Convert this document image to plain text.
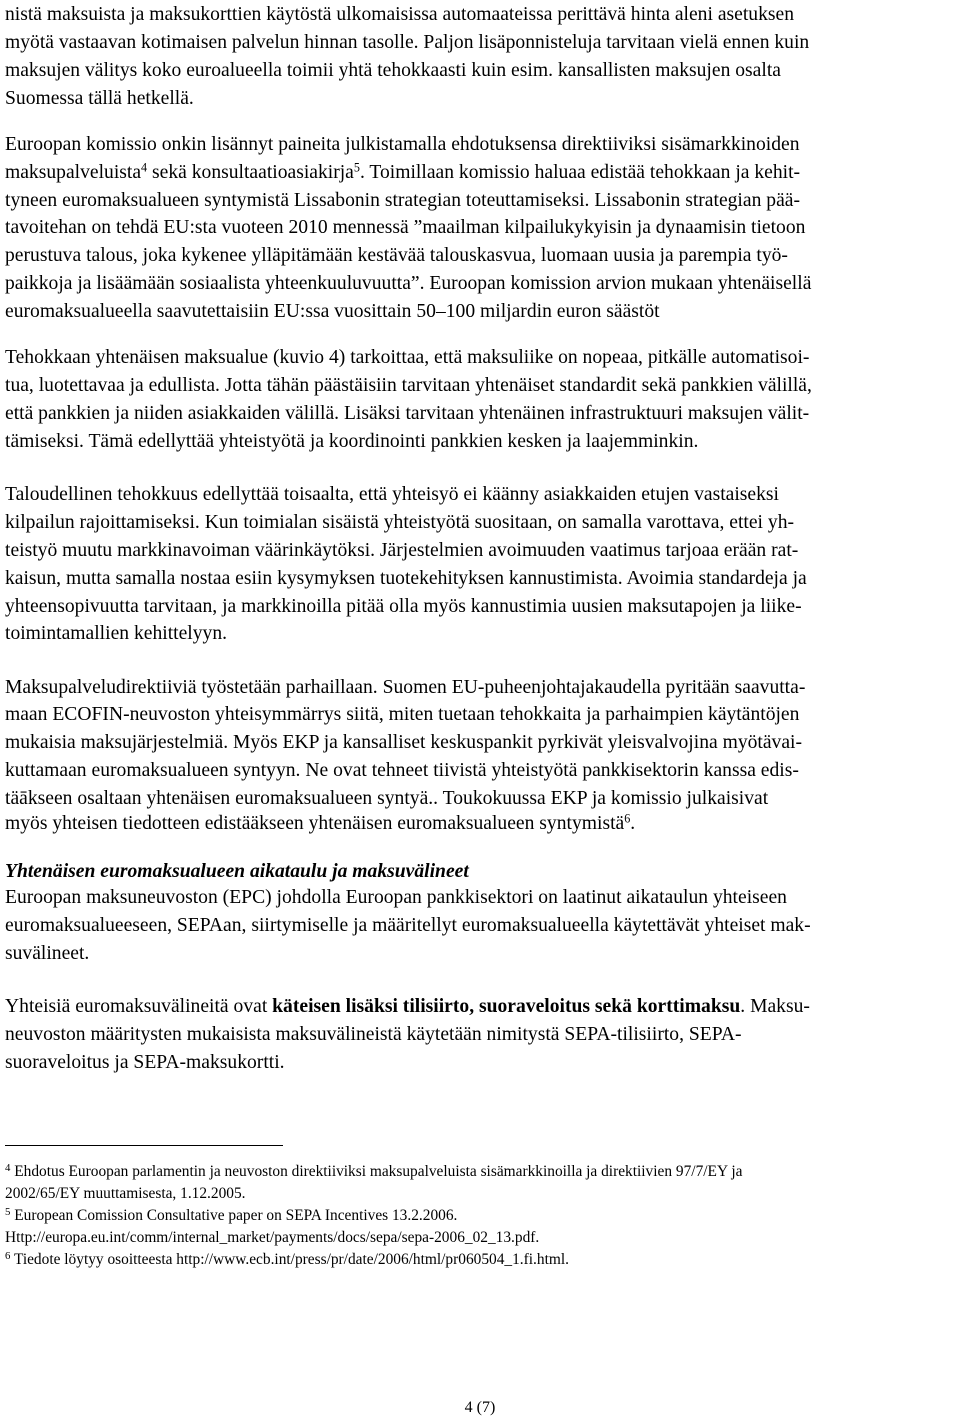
nistä maksuista ja maksukorttien käytöstä ulkomaisissa automaateissa perittävä hinta aleni asetuksen
myötä vastaavan kotimaisen palvelun hinnan tasolle. Paljon lisäponnisteluja tarvitaan vielä ennen kuin
maksujen välitys koko euroalueella toimii yhtä tehokkaasti kuin esim. kansallisten maksujen osalta
Suomessa tällä hetkellä.
Euroopan komissio onkin lisännyt paineita julkistamalla ehdotuksensa direktiiviksi sisämarkkinoiden
maksupalveluista$^4$ sekä konsultaatioasiakirja$^5$. Toimillaan komissio haluaa edistää tehokkaan ja kehit-
tyneen euromaksualueen syntymistä Lissabonin strategian toteuttamiseksi. Lissabonin strategian pää-
tavoitehan on tehdä EU:sta vuoteen 2010 mennessä ”maailman kilpailukykyisin ja dynaamisin tietoon
perustuva talous, joka kykenee ylläpitämään kestävää talouskasvua, luomaan uusia ja parempia työ-
paikkoja ja lisäämään sosiaalista yhteenkuuluvuutta”. Euroopan komission arvion mukaan yhtenäisellä
euromaksualueella saavutettaisiin EU:ssa vuosittain 50–100 miljardin euron säästöt
Tehokkaan yhtenäisen maksualue (kuvio 4) tarkoittaa, että maksuliike on nopeaa, pitkälle automatisoi-
tua, luotettavaa ja edullista. Jotta tähän päästäisiin tarvitaan yhtenäiset standardit sekä pankkien välillä,
että pankkien ja niiden asiakkaiden välillä. Lisäksi tarvitaan yhtenäinen infrastruktuuri maksujen välit-
tämiseksi. Tämä edellyttää yhteistyötä ja koordinointi pankkien kesken ja laajemminkin.
Taloudellinen tehokkuus edellyttää toisaalta, että yhteisyö ei käänny asiakkaiden etujen vastaiseksi
kilpailun rajoittamiseksi. Kun toimialan sisäistä yhteistyötä suositaan, on samalla varottava, ettei yh-
teistyö muutu markkinavoiman väärinkäytöksi. Järjestelmien avoimuuden vaatimus tarjoaa erään rat-
kaisun, mutta samalla nostaa esiin kysymyksen tuotekehityksen kannustimista. Avoimia standardeja ja
yhteensopivuutta tarvitaan, ja markkinoilla pitää olla myös kannustimia uusien maksutapojen ja liike-
toimintamallien kehittelyyn.
Maksupalveludirektiiviä työstetään parhaillaan. Suomen EU-puheenjohtajakaudella pyritään saavutta-
maan ECOFIN-neuvoston yhteisymmärrys siitä, miten tuetaan tehokkaita ja parhaimpien käytäntöjen
mukaisia maksujärjestelmiä. Myös EKP ja kansalliset keskuspankit pyrkivät yleisvalvojina myötävai-
kuttamaan euromaksualueen syntyyn. Ne ovat tehneet tiivistä yhteistyötä pankkisektorin kanssa edis-
täākseen osaltaan yhtenäisen euromaksualueen syntyä.. Toukokuussa EKP ja komissio julkaisivat
myös yhteisen tiedotteen edistääkseen yhtenäisen euromaksualueen syntymistä$^6$.
Yhtenäisen euromaksualueen aikataulu ja maksuvälineet
Euroopan maksuneuvoston (EPC) johdolla Euroopan pankkisektori on laatinut aikataulun yhteiseen
euromaksualueeseen, SEPAan, siirtymiselle ja määritellyt euromaksualueella käytettävät yhteiset mak-
suvälineet.
Yhteisiä euromaksuvälineitä ovat käteisen lisäksi tilisiirto, suoraveloitus sekä korttimaksu. Maksu-
neuvoston määritysten mukaisista maksuvälineistä käytetään nimitystä SEPA-tilisiirto, SEPA-
suoraveloitus ja SEPA-maksukortti.
$^4$ Ehdotus Euroopan parlamentin ja neuvoston direktiiviksi maksupalveluista sisämarkkinoilla ja direktiivien 97/7/EY ja
2002/65/EY muuttamisesta, 1.12.2005.
$^5$ European Comission Consultative paper on SEPA Incentives 13.2.2006.
Http://europa.eu.int/comm/internal_market/payments/docs/sepa/sepa-2006_02_13.pdf.
$^6$ Tiedote löytyy osoitteesta http://www.ecb.int/press/pr/date/2006/html/pr060504_1.fi.html.
4 (7)
